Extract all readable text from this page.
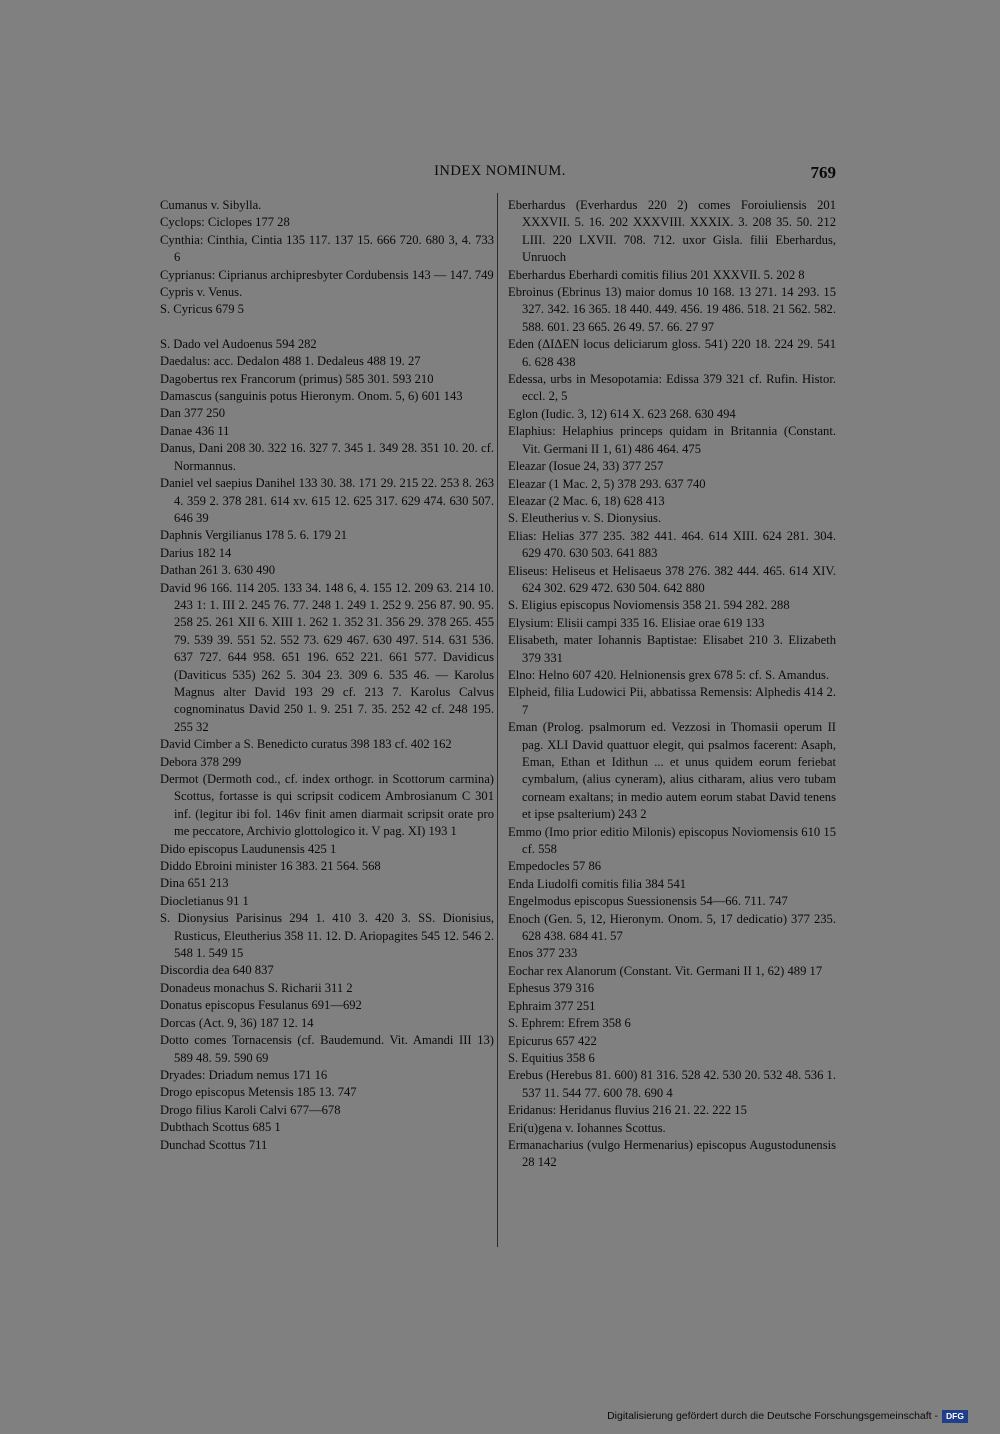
INDEX NOMINUM.	769

Cumanus v. Sibylla.

Cyclops: Ciclopes 177 28

Cynthia: Cinthia, Cintia 135 117. 137 15. 666 720. 680 3, 4. 733 6

Cyprianus: Ciprianus archipresbyter Cordubensis 143 — 147. 749

Cypris v. Venus.

S. Cyricus 679 5

S. Dado vel Audoenus 594 282

Daedalus: acc. Dedalon 488 1. Dedaleus 488 19. 27

Dagobertus rex Francorum (primus) 585 301. 593 210

Damascus (sanguinis potus Hieronym. Onom. 5, 6) 601 143

Dan 377 250

Danae 436 11

Danus, Dani 208 30. 322 16. 327 7. 345 1. 349 28. 351 10. 20. cf. Normannus.

Daniel vel saepius Danihel 133 30. 38. 171 29. 215 22. 253 8. 263 4. 359 2. 378 281. 614 xv. 615 12. 625 317. 629 474. 630 507. 646 39

Daphnis Vergilianus 178 5. 6. 179 21

Darius 182 14

Dathan 261 3. 630 490

David 96 166. 114 205. 133 34. 148 6, 4. 155 12. 209 63. 214 10. 243 1: 1. III 2. 245 76. 77. 248 1. 249 1. 252 9. 256 87. 90. 95. 258 25. 261 XII 6. XIII 1. 262 1. 352 31. 356 29. 378 265. 455 79. 539 39. 551 52. 552 73. 629 467. 630 497. 514. 631 536. 637 727. 644 958. 651 196. 652 221. 661 577. Davidicus (Daviticus 535) 262 5. 304 23. 309 6. 535 46. — Karolus Magnus alter David 193 29 cf. 213 7. Karolus Calvus cognominatus David 250 1. 9. 251 7. 35. 252 42 cf. 248 195. 255 32

David Cimber a S. Benedicto curatus 398 183 cf. 402 162

Debora 378 299

Dermot (Dermoth cod., cf. index orthogr. in Scottorum carmina) Scottus, fortasse is qui scripsit codicem Ambrosianum C 301 inf. (legitur ibi fol. 146v finit amen diarmait scripsit orate pro me peccatore, Archivio glottologico it. V pag. XI) 193 1

Dido episcopus Laudunensis 425 1

Diddo Ebroini minister 16 383. 21 564. 568

Dina 651 213

Diocletianus 91 1

S. Dionysius Parisinus 294 1. 410 3. 420 3. SS. Dionisius, Rusticus, Eleutherius 358 11. 12. D. Ariopagites 545 12. 546 2. 548 1. 549 15

Discordia dea 640 837

Donadeus monachus S. Richarii 311 2

Donatus episcopus Fesulanus 691—692

Dorcas (Act. 9, 36) 187 12. 14

Dotto comes Tornacensis (cf. Baudemund. Vit. Amandi III 13) 589 48. 59. 590 69

Dryades: Driadum nemus 171 16

Drogo episcopus Metensis 185 13. 747

Drogo filius Karoli Calvi 677—678

Dubthach Scottus 685 1

Dunchad Scottus 711

Eberhardus (Everhardus 220 2) comes Foroiuliensis 201 XXXVII. 5. 16. 202 XXXVIII. XXXIX. 3. 208 35. 50. 212 LIII. 220 LXVII. 708. 712. uxor Gisla. filii Eberhardus, Unruoch

Eberhardus Eberhardi comitis filius 201 XXXVII. 5. 202 8

Ebroinus (Ebrinus 13) maior domus 10 168. 13 271. 14 293. 15 327. 342. 16 365. 18 440. 449. 456. 19 486. 518. 21 562. 582. 588. 601. 23 665. 26 49. 57. 66. 27 97

Eden (ΔΙΔΕΝ locus deliciarum gloss. 541) 220 18. 224 29. 541 6. 628 438

Edessa, urbs in Mesopotamia: Edissa 379 321 cf. Rufin. Histor. eccl. 2, 5

Eglon (Iudic. 3, 12) 614 X. 623 268. 630 494

Elaphius: Helaphius princeps quidam in Britannia (Constant. Vit. Germani II 1, 61) 486 464. 475

Eleazar (Iosue 24, 33) 377 257

Eleazar (1 Mac. 2, 5) 378 293. 637 740

Eleazar (2 Mac. 6, 18) 628 413

S. Eleutherius v. S. Dionysius.

Elias: Helias 377 235. 382 441. 464. 614 XIII. 624 281. 304. 629 470. 630 503. 641 883

Eliseus: Heliseus et Helisaeus 378 276. 382 444. 465. 614 XIV. 624 302. 629 472. 630 504. 642 880

S. Eligius episcopus Noviomensis 358 21. 594 282. 288

Elysium: Elisii campi 335 16. Elisiae orae 619 133

Elisabeth, mater Iohannis Baptistae: Elisabet 210 3. Elizabeth 379 331

Elno: Helno 607 420. Helnionensis grex 678 5: cf. S. Amandus.

Elpheid, filia Ludowici Pii, abbatissa Remensis: Alphedis 414 2. 7

Eman (Prolog. psalmorum ed. Vezzosi in Thomasii operum II pag. XLI David quattuor elegit, qui psalmos facerent: Asaph, Eman, Ethan et Idithun ... et unus quidem eorum feriebat cymbalum, (alius cyneram), alius citharam, alius vero tubam corneam exaltans; in medio autem eorum stabat David tenens et ipse psalterium) 243 2

Emmo (Imo prior editio Milonis) episcopus Noviomensis 610 15 cf. 558

Empedocles 57 86

Enda Liudolfi comitis filia 384 541

Engelmodus episcopus Suessionensis 54—66. 711. 747

Enoch (Gen. 5, 12, Hieronym. Onom. 5, 17 dedicatio) 377 235. 628 438. 684 41. 57

Enos 377 233

Eochar rex Alanorum (Constant. Vit. Germani II 1, 62) 489 17

Ephesus 379 316

Ephraim 377 251

S. Ephrem: Efrem 358 6

Epicurus 657 422

S. Equitius 358 6

Erebus (Herebus 81. 600) 81 316. 528 42. 530 20. 532 48. 536 1. 537 11. 544 77. 600 78. 690 4

Eridanus: Heridanus fluvius 216 21. 22. 222 15

Eri(u)gena v. Iohannes Scottus.

Ermanacharius (vulgo Hermenarius) episcopus Augustodunensis 28 142

Digitalisierung gefördert durch die Deutsche Forschungsgemeinschaft - DFG
